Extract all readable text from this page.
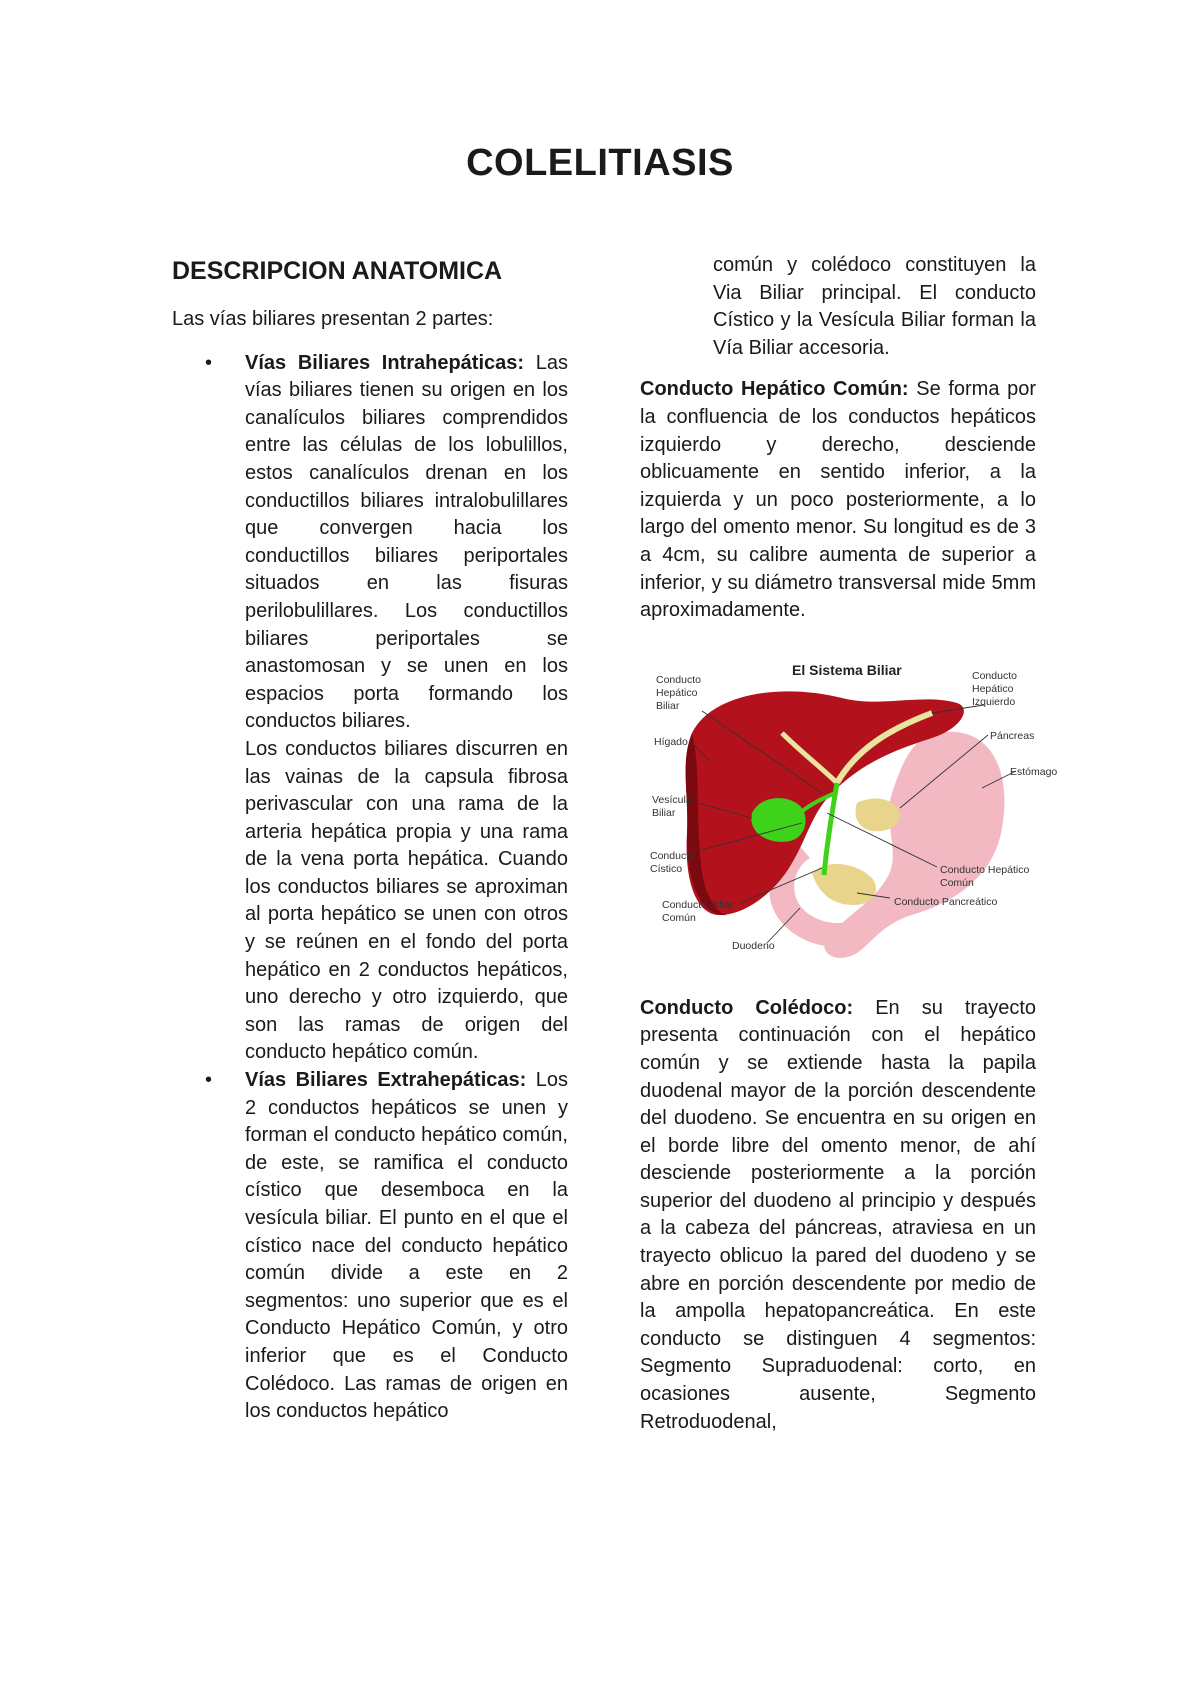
COLELITIASIS
DESCRIPCION ANATOMICA

Las vías biliares presentan 2 partes:

• Vías Biliares Intrahepáticas: Las vías biliares tienen su origen en los canalículos biliares comprendidos entre las células de los lobulillos, estos canalículos drenan en los conductillos biliares intralobulillares que convergen hacia los conductillos biliares periportales situados en las fisuras perilobulillares. Los conductillos biliares periportales se anastomosan y se unen en los espacios porta formando los conductos biliares.

Los conductos biliares discurren en las vainas de la capsula fibrosa perivascular con una rama de la arteria hepática propia y una rama de la vena porta hepática. Cuando los conductos biliares se aproximan al porta hepático se unen con otros y se reúnen en el fondo del porta hepático en 2 conductos hepáticos, uno derecho y otro izquierdo, que son las ramas de origen del conducto hepático común.

• Vías Biliares Extrahepáticas: Los 2 conductos hepáticos se unen y forman el conducto hepático común, de este, se ramifica el conducto cístico que desemboca en la vesícula biliar. El punto en el que el cístico nace del conducto hepático común divide a este en 2 segmentos: uno superior que es el Conducto Hepático Común, y otro inferior que es el Conducto Colédoco. Las ramas de origen en los conductos hepático

común y colédoco constituyen la Via Biliar principal. El conducto Cístico y la Vesícula Biliar forman la Vía Biliar accesoria.

Conducto Hepático Común: Se forma por la confluencia de los conductos hepáticos izquierdo y derecho, desciende oblicuamente en sentido inferior, a la izquierda y un poco posteriormente, a lo largo del omento menor. Su longitud es de 3 a 4cm, su calibre aumenta de superior a inferior, y su diámetro transversal mide 5mm aproximadamente.

El Sistema Biliar
Conducto Hepático Biliar
Hígado
Vesícula Biliar
Conducto Cístico
Conducto Biliar Común
Duodeno
Conducto Hepático Izquierdo
Páncreas
Estómago
Conducto Hepático Común
Conducto Pancreático

Conducto Colédoco: En su trayecto presenta continuación con el hepático común y se extiende hasta la papila duodenal mayor de la porción descendente del duodeno. Se encuentra en su origen en el borde libre del omento menor, de ahí desciende posteriormente a la porción superior del duodeno al principio y después a la cabeza del páncreas, atraviesa en un trayecto oblicuo la pared del duodeno y se abre en porción descendente por medio de la ampolla hepatopancreática. En este conducto se distinguen 4 segmentos: Segmento Supraduodenal: corto, en ocasiones ausente, Segmento Retroduodenal,
